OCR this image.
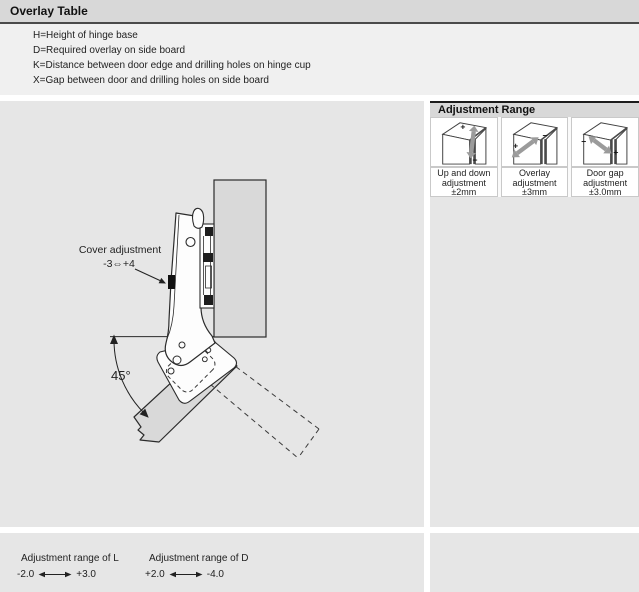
Overlay Table
H=Height of hinge base
D=Required overlay on side board
K=Distance between door edge and drilling holes on hinge cup
X=Gap between door and drilling holes on side board
Cover adjustment
-3⇔+4
45°
Adjustment Range
+
−
+
−
−
+
Up and down
adjustment
±2mm
Overlay
adjustment
±3mm
Door gap
adjustment
±3.0mm
Adjustment range of L
-2.0	+3.0
Adjustment range of D
+2.0	-4.0
